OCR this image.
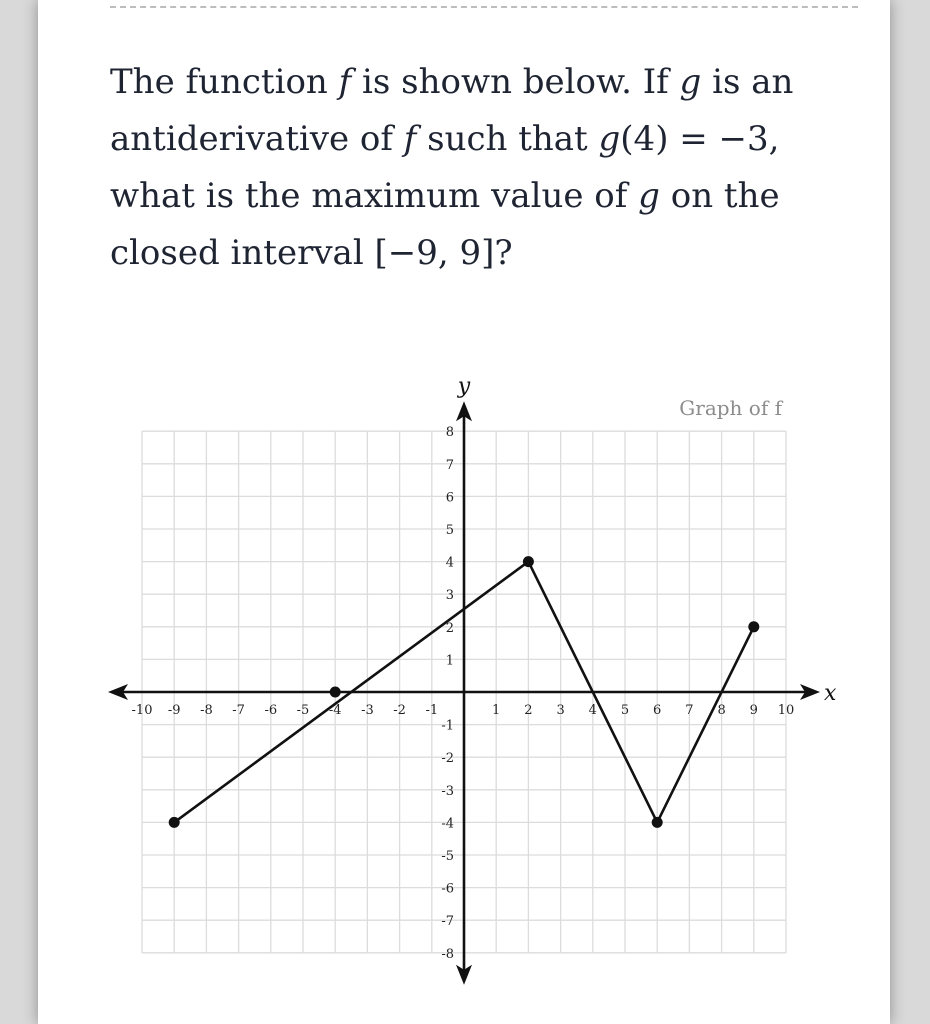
The function f is shown below. If g is an antiderivative of f such that g(4) = −3, what is the maximum value of g on the closed interval [−9, 9]?
-10 -9 -8 -7 -6 -5 -4 -3 -2 -1	1 2 3 4 5 6 7 8 9 10
-8
-7
-6
-5
-4
-3
-2
-1
1
2
3
4
5
6
7
8
Graph of f
x
y
